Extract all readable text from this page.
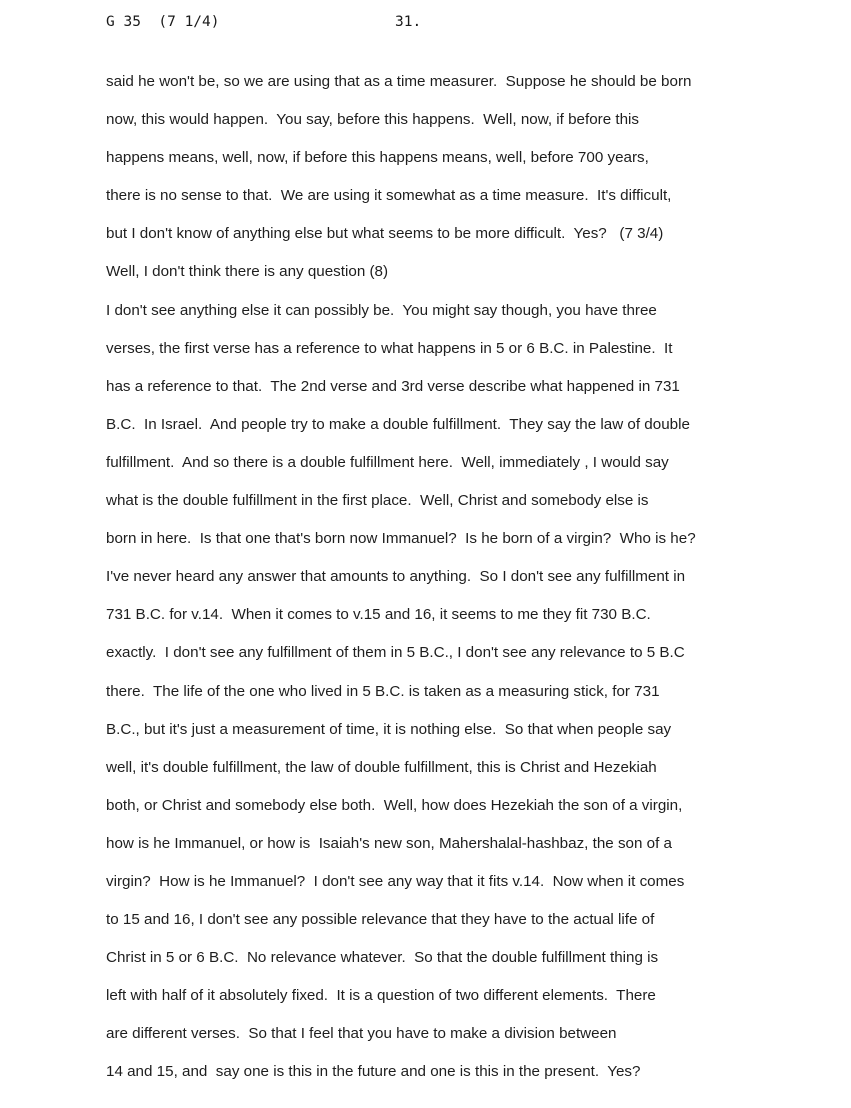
G 35  (7 1/4)	31.
said he won't be, so we are using that as a time measurer.  Suppose he should be born
now, this would happen.  You say, before this happens.  Well, now, if before this
happens means, well, now, if before this happens means, well, before 700 years,
there is no sense to that.  We are using it somewhat as a time measure.  It's difficult,
but I don't know of anything else but what seems to be more difficult.  Yes?   (7 3/4)
Well, I don't think there is any question (8)
I don't see anything else it can possibly be.  You might say though, you have three
verses, the first verse has a reference to what happens in 5 or 6 B.C. in Palestine.  It
has a reference to that.  The 2nd verse and 3rd verse describe what happened in 731
B.C.  In Israel.  And people try to make a double fulfillment.  They say the law of double
fulfillment.  And so there is a double fulfillment here.  Well, immediately , I would say
what is the double fulfillment in the first place.  Well, Christ and somebody else is
born in here.  Is that one that's born now Immanuel?  Is he born of a virgin?  Who is he?
I've never heard any answer that amounts to anything.  So I don't see any fulfillment in
731 B.C. for v.14.  When it comes to v.15 and 16, it seems to me they fit 730 B.C.
exactly.  I don't see any fulfillment of them in 5 B.C., I don't see any relevance to 5 B.C
there.  The life of the one who lived in 5 B.C. is taken as a measuring stick, for 731
B.C., but it's just a measurement of time, it is nothing else.  So that when people say
well, it's double fulfillment, the law of double fulfillment, this is Christ and Hezekiah
both, or Christ and somebody else both.  Well, how does Hezekiah the son of a virgin,
how is he Immanuel, or how is  Isaiah's new son, Mahershalal-hashbaz, the son of a
virgin?  How is he Immanuel?  I don't see any way that it fits v.14.  Now when it comes
to 15 and 16, I don't see any possible relevance that they have to the actual life of
Christ in 5 or 6 B.C.  No relevance whatever.  So that the double fulfillment thing is
left with half of it absolutely fixed.  It is a question of two different elements.  There
are different verses.  So that I feel that you have to make a division between
14 and 15, and  say one is this in the future and one is this in the present.  Yes?
